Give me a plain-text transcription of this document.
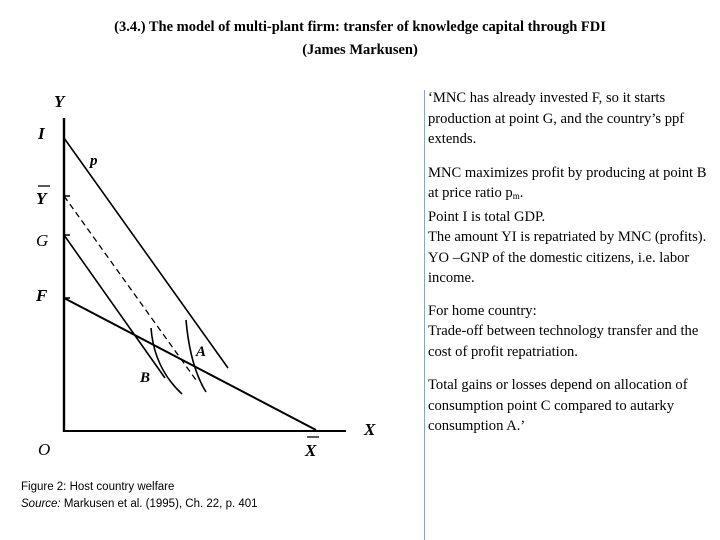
(3.4.) The model of multi-plant firm: transfer of knowledge capital through FDI
(James Markusen)
Y
I
p
Y
G
F
A
B
O	X
X
Figure 2: Host country welfare
Source: Markusen et al. (1995), Ch. 22, p. 401

‘MNC has already invested F, so it starts production at point G, and the country’s ppf extends.

MNC maximizes profit by producing at point B at price ratio pm.
Point I is total GDP.
The amount YI is repatriated by MNC (profits).
YO –GNP of the domestic citizens, i.e. labor income.

For home country:
Trade-off between technology transfer and the cost of profit repatriation.

Total gains or losses depend on allocation of consumption point C compared to autarky consumption A.’
